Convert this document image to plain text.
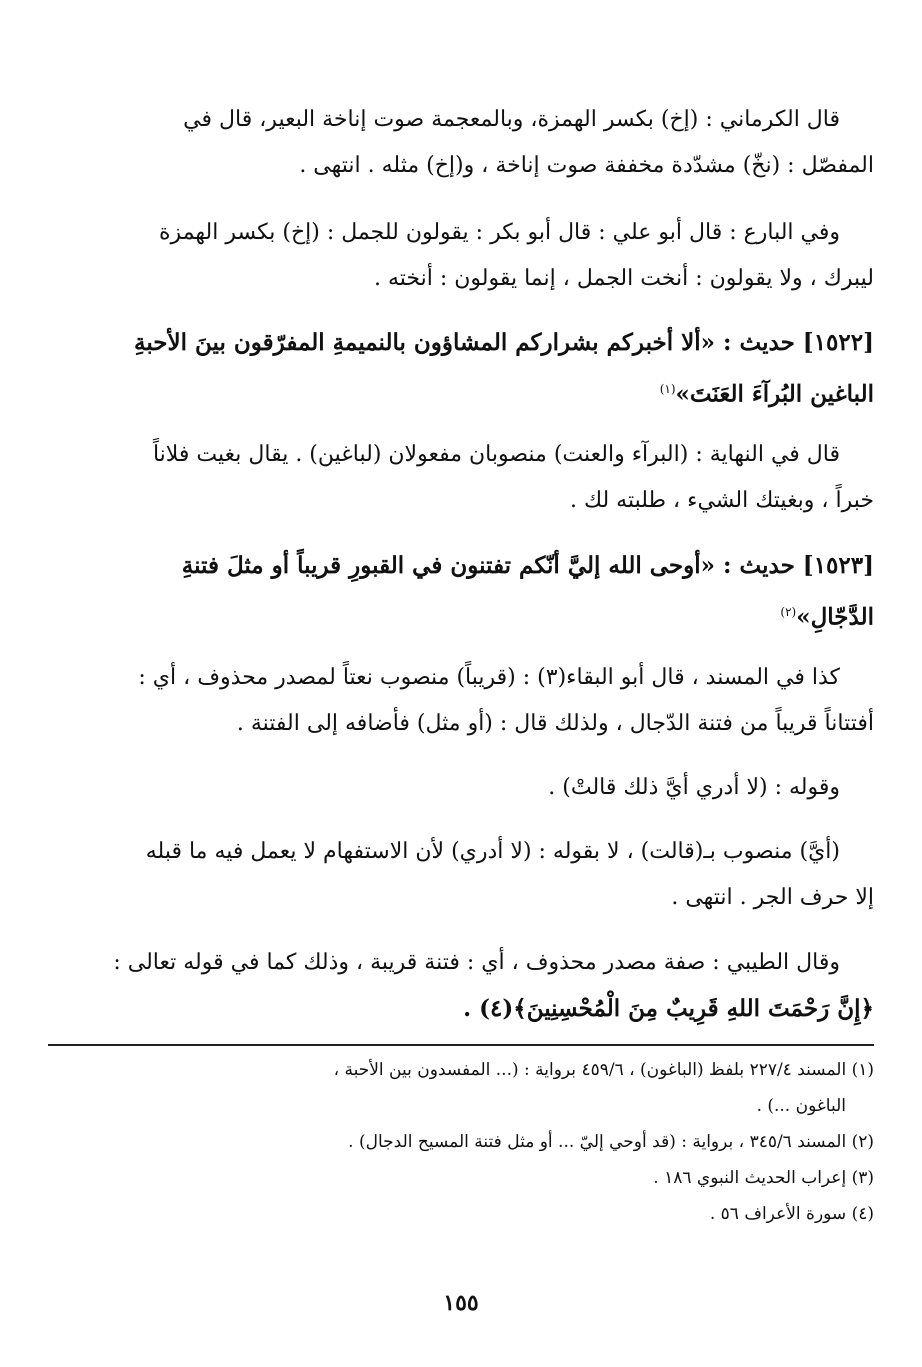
قال الكرماني : (إخ) بكسر الهمزة، وبالمعجمة صوت إناخة البعير، قال في
المفصّل : (نخّ) مشدّدة مخففة صوت إناخة ، و(إخ) مثله . انتهى .
وفي البارع : قال أبو علي : قال أبو بكر : يقولون للجمل : (إخ) بكسر الهمزة
ليبرك ، ولا يقولون : أنخت الجمل ، إنما يقولون : أنخته .
[١٥٢٢] حديث : «ألا أخبركم بشراركم المشاؤون بالنميمةِ المفرّقون بينَ الأحبةِ
الباغين البُرآءَ العَنَتَ»$^{(١)}$
قال في النهاية : (البرآء والعنت) منصوبان مفعولان (لباغين) . يقال بغيت فلاناً
خبراً ، وبغيتك الشيء ، طلبته لك .
[١٥٢٣] حديث : «أوحى الله إليَّ أنّكم تفتنون في القبورِ قريباً أو مثلَ فتنةِ
الدَّجّالِ»$^{(٢)}$
كذا في المسند ، قال أبو البقاء(٣) : (قريباً) منصوب نعتاً لمصدر محذوف ، أي :
أفتتاناً قريباً من فتنة الدّجال ، ولذلك قال : (أو مثل) فأضافه إلى الفتنة .
وقوله : (لا أدري أيَّ ذلك قالتْ) .
(أيَّ) منصوب بـ(قالت) ، لا بقوله : (لا أدري) لأن الاستفهام لا يعمل فيه ما قبله
إلا حرف الجر . انتهى .
وقال الطيبي : صفة مصدر محذوف ، أي : فتنة قريبة ، وذلك كما في قوله تعالى :
﴿إِنَّ رَحْمَتَ اللهِ قَرِيبٌ مِنَ الْمُحْسِنِينَ﴾(٤) .
(١) المسند ٢٢٧/٤ بلفظ (الباغون) ، ٤٥٩/٦ برواية : (... المفسدون بين الأحبة ،
الباغون ...) .
(٢) المسند ٣٤٥/٦ ، برواية : (قد أوحي إليّ ... أو مثل فتنة المسيح الدجال) .
(٣) إعراب الحديث النبوي ١٨٦ .
(٤) سورة الأعراف ٥٦ .
١٥٥
